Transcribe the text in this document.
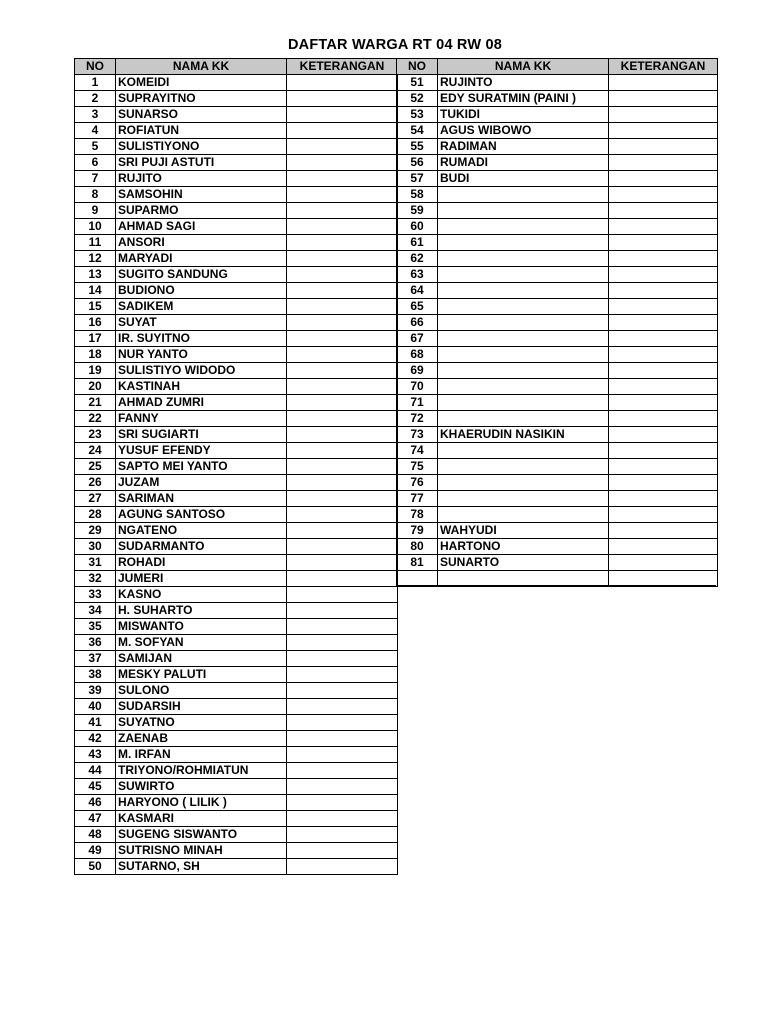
DAFTAR WARGA RT 04 RW 08
NO	NAMA KK	KETERANGAN
1	KOMEIDI	
2	SUPRAYITNO	
3	SUNARSO	
4	ROFIATUN	
5	SULISTIYONO	
6	SRI PUJI ASTUTI	
7	RUJITO	
8	SAMSOHIN	
9	SUPARMO	
10	AHMAD SAGI	
11	ANSORI	
12	MARYADI	
13	SUGITO SANDUNG	
14	BUDIONO	
15	SADIKEM	
16	SUYAT	
17	IR. SUYITNO	
18	NUR YANTO	
19	SULISTIYO WIDODO	
20	KASTINAH	
21	AHMAD ZUMRI	
22	FANNY	
23	SRI SUGIARTI	
24	YUSUF EFENDY	
25	SAPTO MEI YANTO	
26	JUZAM	
27	SARIMAN	
28	AGUNG SANTOSO	
29	NGATENO	
30	SUDARMANTO	
31	ROHADI	
32	JUMERI	
33	KASNO	
34	H. SUHARTO	
35	MISWANTO	
36	M. SOFYAN	
37	SAMIJAN	
38	MESKY PALUTI	
39	SULONO	
40	SUDARSIH	
41	SUYATNO	
42	ZAENAB	
43	M. IRFAN	
44	TRIYONO/ROHMIATUN	
45	SUWIRTO	
46	HARYONO ( LILIK )	
47	KASMARI	
48	SUGENG SISWANTO	
49	SUTRISNO MINAH	
50	SUTARNO, SH	
NO	NAMA KK	KETERANGAN
51	RUJINTO	
52	EDY SURATMIN (PAINI )	
53	TUKIDI	
54	AGUS WIBOWO	
55	RADIMAN	
56	RUMADI	
57	BUDI	
58		
59		
60		
61		
62		
63		
64		
65		
66		
67		
68		
69		
70		
71		
72		
73	KHAERUDIN NASIKIN	
74		
75		
76		
77		
78		
79	WAHYUDI	
80	HARTONO	
81	SUNARTO	
